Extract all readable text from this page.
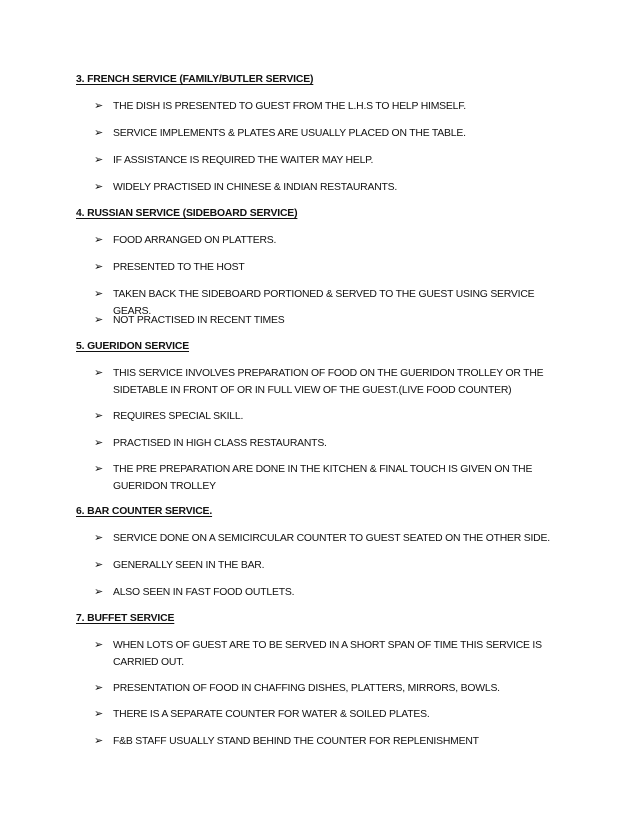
3. FRENCH SERVICE (FAMILY/BUTLER SERVICE)
➢ THE DISH IS PRESENTED TO GUEST FROM THE L.H.S TO HELP HIMSELF.
➢ SERVICE IMPLEMENTS & PLATES ARE USUALLY PLACED ON THE TABLE.
➢ IF ASSISTANCE IS REQUIRED THE WAITER MAY HELP.
➢ WIDELY PRACTISED IN CHINESE & INDIAN RESTAURANTS.
4. RUSSIAN SERVICE (SIDEBOARD SERVICE)
➢ FOOD ARRANGED ON PLATTERS.
➢ PRESENTED TO THE HOST
➢ TAKEN BACK THE SIDEBOARD PORTIONED & SERVED TO THE GUEST USING SERVICE GEARS.
➢ NOT PRACTISED IN RECENT TIMES
5. GUERIDON SERVICE
➢ THIS SERVICE INVOLVES PREPARATION OF FOOD ON THE GUERIDON TROLLEY OR THE SIDETABLE IN FRONT OF OR IN FULL VIEW OF THE GUEST.(LIVE FOOD COUNTER)
➢ REQUIRES SPECIAL SKILL.
➢ PRACTISED IN HIGH CLASS RESTAURANTS.
➢ THE PRE PREPARATION ARE DONE IN THE KITCHEN & FINAL TOUCH IS GIVEN ON THE GUERIDON TROLLEY
6. BAR COUNTER SERVICE.
➢ SERVICE DONE ON A SEMICIRCULAR COUNTER TO GUEST SEATED ON THE OTHER SIDE.
➢ GENERALLY SEEN IN THE BAR.
➢ ALSO SEEN IN FAST FOOD OUTLETS.
7. BUFFET SERVICE
➢ WHEN LOTS OF GUEST ARE TO BE SERVED IN A SHORT SPAN OF TIME THIS SERVICE IS CARRIED OUT.
➢ PRESENTATION OF FOOD IN CHAFFING DISHES, PLATTERS, MIRRORS, BOWLS.
➢ THERE IS A SEPARATE COUNTER FOR WATER & SOILED PLATES.
➢ F&B STAFF USUALLY STAND BEHIND THE COUNTER FOR REPLENISHMENT
